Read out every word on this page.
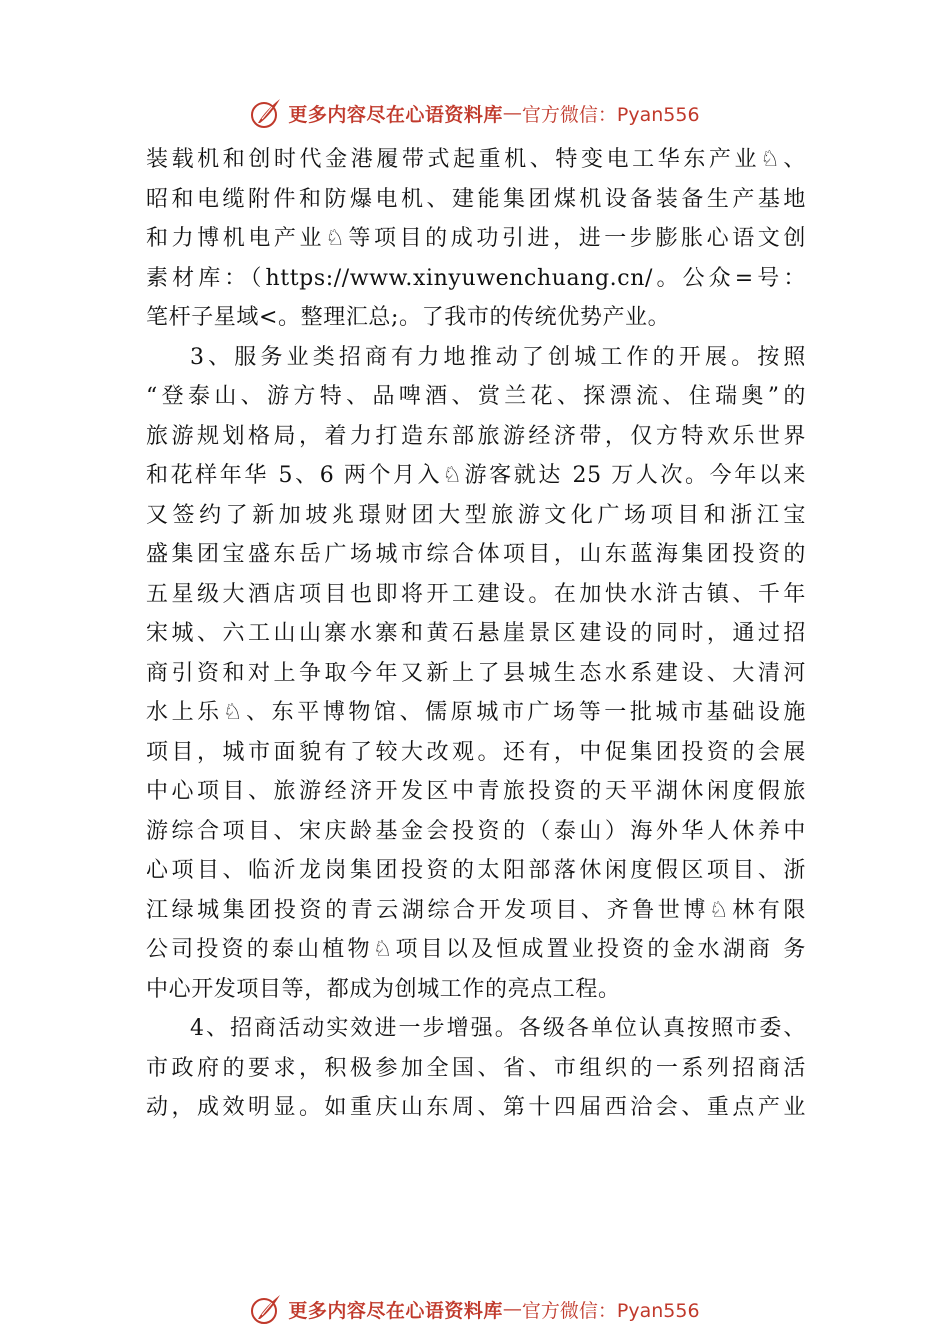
更多内容尽在心语资料库 — 官方微信：Pyan556
装载机和创时代金港履带式起重机、特变电工华东产业♘、
昭和电缆附件和防爆电机、建能集团煤机设备装备生产基地
和力博机电产业♘等项目的成功引进，进一步膨胀心语文创
素材库：（https://www.xinyuwenchuang.cn/。公众=号：
笔杆子星域<。整理汇总;。了我市的传统优势产业。
3、服务业类招商有力地推动了创城工作的开展。按照
“登泰山、游方特、品啤酒、赏兰花、探漂流、住瑞奥”的
旅游规划格局，着力打造东部旅游经济带，仅方特欢乐世界
和花样年华 5、6 两个月入♘游客就达 25 万人次。今年以来
又签约了新加坡兆璟财团大型旅游文化广场项目和浙江宝
盛集团宝盛东岳广场城市综合体项目，山东蓝海集团投资的
五星级大酒店项目也即将开工建设。在加快水浒古镇、千年
宋城、六工山山寨水寨和黄石悬崖景区建设的同时，通过招
商引资和对上争取今年又新上了县城生态水系建设、大清河
水上乐♘、东平博物馆、儒原城市广场等一批城市基础设施
项目，城市面貌有了较大改观。还有，中促集团投资的会展
中心项目、旅游经济开发区中青旅投资的天平湖休闲度假旅
游综合项目、宋庆龄基金会投资的（泰山）海外华人休养中
心项目、临沂龙岗集团投资的太阳部落休闲度假区项目、浙
江绿城集团投资的青云湖综合开发项目、齐鲁世博♘林有限
公司投资的泰山植物♘项目以及恒成置业投资的金水湖商 务
中心开发项目等，都成为创城工作的亮点工程。
4、招商活动实效进一步增强。各级各单位认真按照市委、
市政府的要求，积极参加全国、省、市组织的一系列招商活
动，成效明显。如重庆山东周、第十四届西洽会、重点产业
更多内容尽在心语资料库 — 官方微信：Pyan556
